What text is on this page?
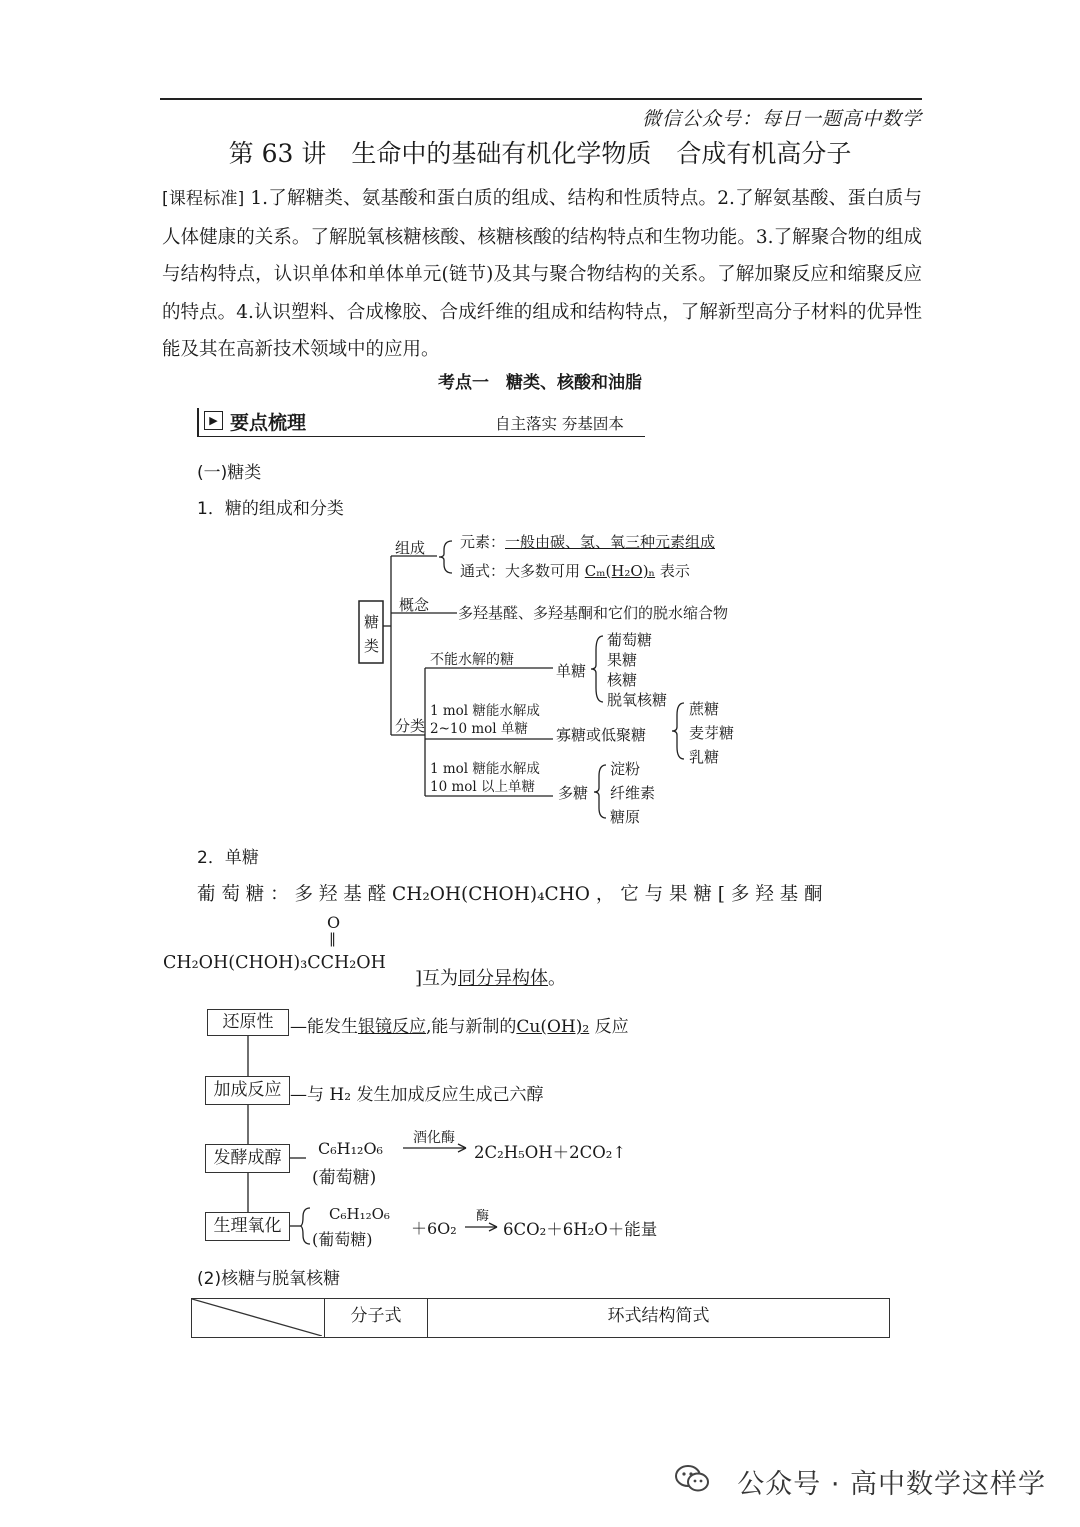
微信公众号：每日一题高中数学
第 63 讲　生命中的基础有机化学物质　合成有机高分子
[课程标准] 1.了解糖类、氨基酸和蛋白质的组成、结构和性质特点。2.了解氨基酸、蛋白质与人体健康的关系。了解脱氧核糖核酸、核糖核酸的结构特点和生物功能。3.了解聚合物的组成与结构特点，认识单体和单体单元(链节)及其与聚合物结构的关系。了解加聚反应和缩聚反应的特点。4.认识塑料、合成橡胶、合成纤维的组成和结构特点，了解新型高分子材料的优异性能及其在高新技术领域中的应用。
考点一　糖类、核酸和油脂
▶ 要点梳理	自主落实 夯基固本
(一)糖类
1．糖的组成和分类
糖
类
组成 元素：一般由碳、氢、氧三种元素组成
通式：大多数可用 Cₘ(H₂O)ₙ 表示
概念 多羟基醛、多羟基酮和它们的脱水缩合物
分类
不能水解的糖
1 mol 糖能水解成
2~10 mol 单糖
1 mol 糖能水解成
10 mol 以上单糖
单糖
葡萄糖
果糖
核糖
脱氧核糖
寡糖或低聚糖
蔗糖
麦芽糖
乳糖
多糖
淀粉
纤维素
糖原
2．单糖
葡 萄 糖 ： 多 羟 基 醛 CH₂OH(CHOH)₄CHO ， 它 与 果 糖 [ 多 羟 基 酮
O
‖
CH₂OH(CHOH)₃CCH₂OH
]互为同分异构体。
还原性 —能发生银镜反应,能与新制的Cu(OH)₂ 反应
加成反应 —与 H₂ 发生加成反应生成己六醇
发酵成醇	C₆H₁₂O₆
(葡萄糖)
酒化酶
2C₂H₅OH＋2CO₂↑
生理氧化
C₆H₁₂O₆
(葡萄糖)
＋6O₂
酶
6CO₂＋6H₂O＋能量
(2)核糖与脱氧核糖
	分子式	环式结构简式
公众号 · 高中数学这样学
